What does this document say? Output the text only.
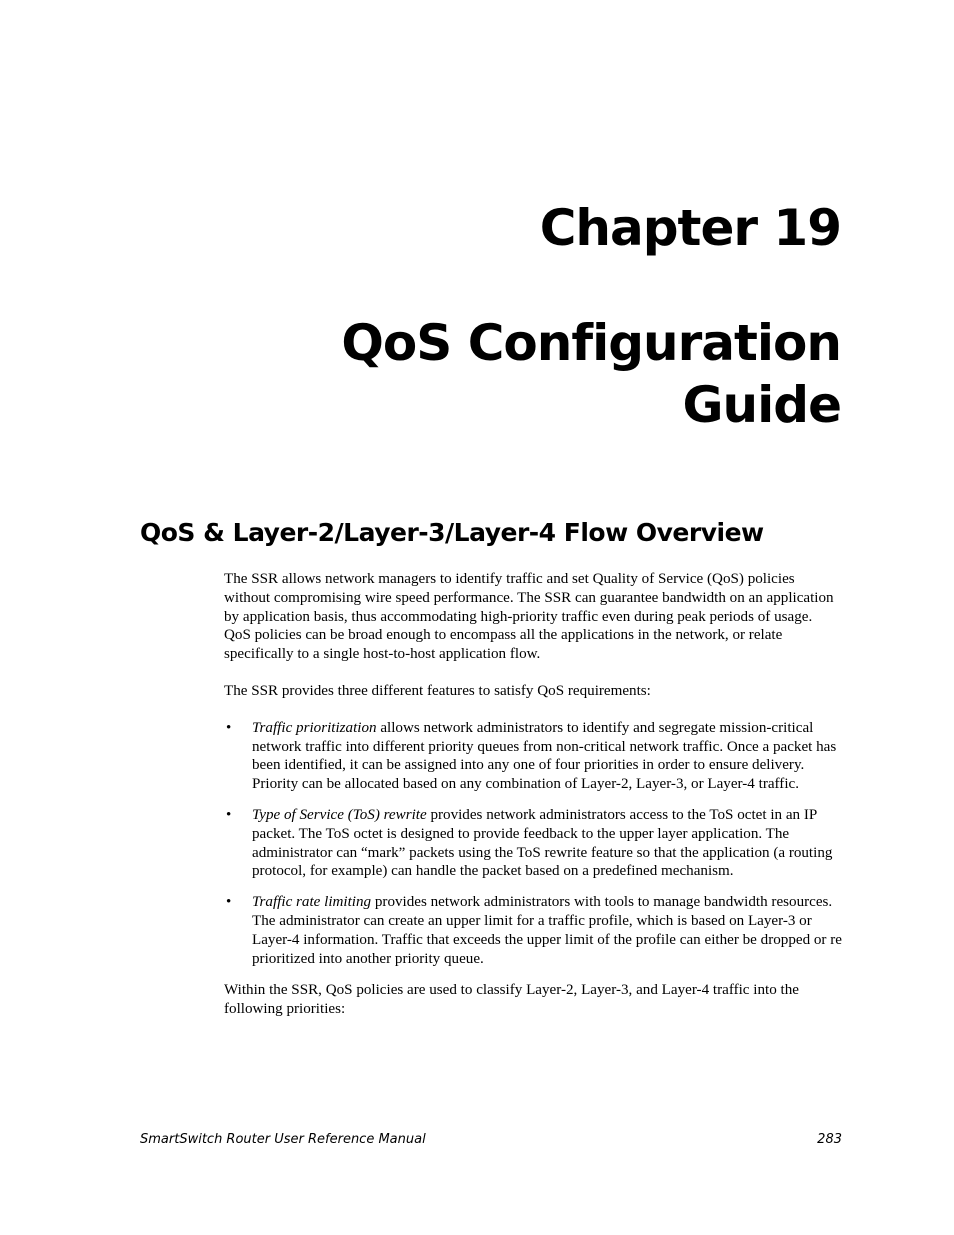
Chapter 19
QoS Configuration
Guide
QoS & Layer-2/Layer-3/Layer-4 Flow Overview

The SSR allows network managers to identify traffic and set Quality of Service (QoS) policies without compromising wire speed performance. The SSR can guarantee bandwidth on an application by application basis, thus accommodating high-priority traffic even during peak periods of usage. QoS policies can be broad enough to encompass all the applications in the network, or relate specifically to a single host-to-host application flow.

The SSR provides three different features to satisfy QoS requirements:

• Traffic prioritization allows network administrators to identify and segregate mission-critical network traffic into different priority queues from non-critical network traffic. Once a packet has been identified, it can be assigned into any one of four priorities in order to ensure delivery. Priority can be allocated based on any combination of Layer-2, Layer-3, or Layer-4 traffic.
• Type of Service (ToS) rewrite provides network administrators access to the ToS octet in an IP packet. The ToS octet is designed to provide feedback to the upper layer application. The administrator can “mark” packets using the ToS rewrite feature so that the application (a routing protocol, for example) can handle the packet based on a predefined mechanism.
• Traffic rate limiting provides network administrators with tools to manage bandwidth resources. The administrator can create an upper limit for a traffic profile, which is based on Layer-3 or Layer-4 information. Traffic that exceeds the upper limit of the profile can either be dropped or re prioritized into another priority queue.

Within the SSR, QoS policies are used to classify Layer-2, Layer-3, and Layer-4 traffic into the following priorities:

SmartSwitch Router User Reference Manual	283
